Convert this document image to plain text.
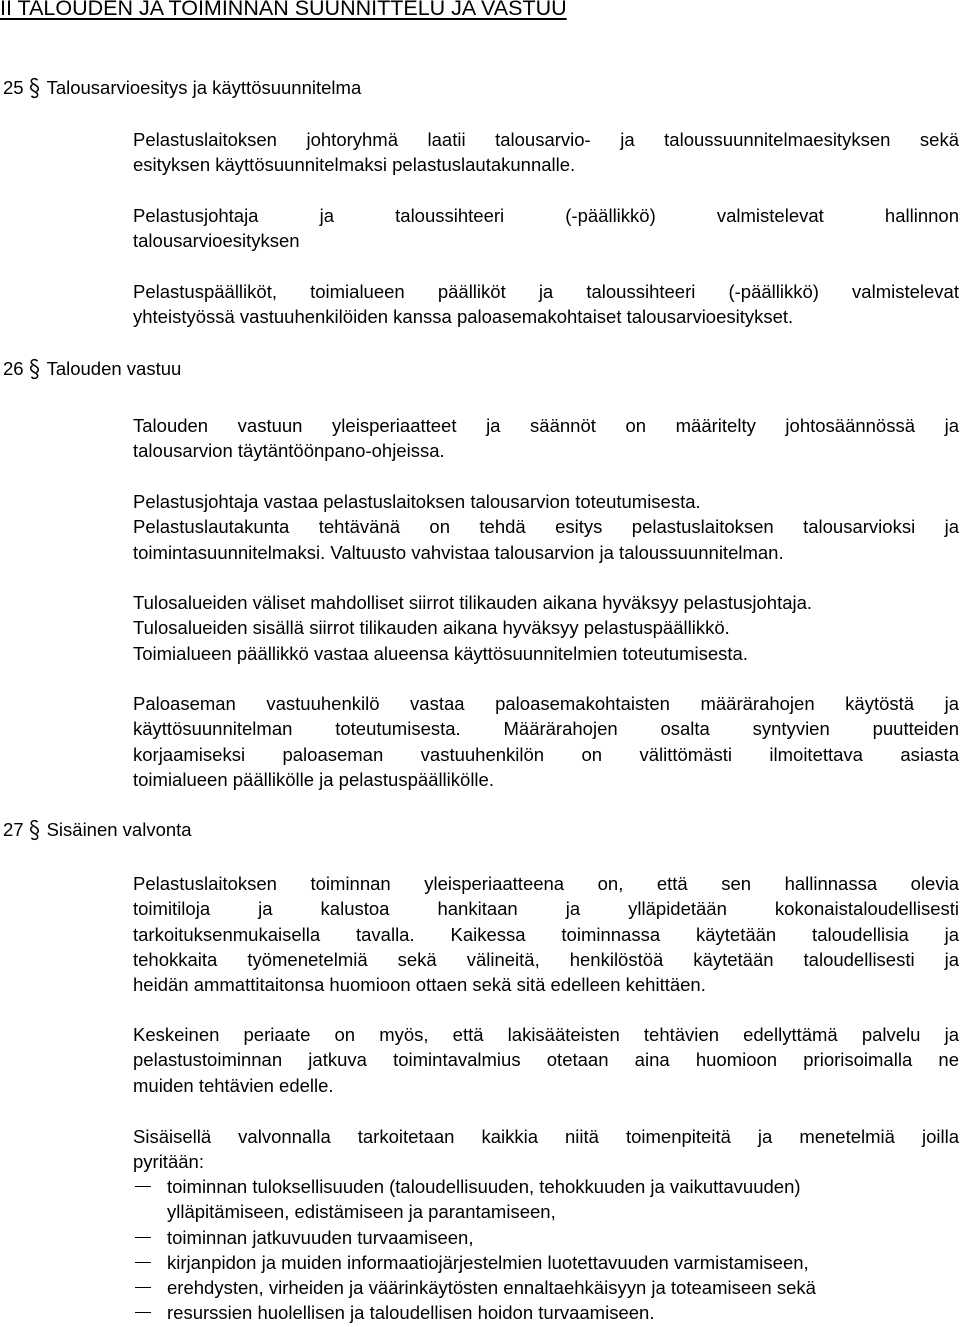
II TALOUDEN JA TOIMINNAN SUUNNITTELU JA VASTUU
25 Talousarvioesitys ja käyttösuunnitelma
26 Talouden vastuu
27 Sisäinen valvonta
Pelastuslaitoksen johtoryhmä laatii talousarvio- ja taloussuunnitelmaesityksen sekä
esityksen käyttösuunnitelmaksi pelastuslautakunnalle.
Pelastusjohtaja ja taloussihteeri (-päällikkö) valmistelevat hallinnon
talousarvioesityksen
Pelastuspäälliköt, toimialueen päälliköt ja taloussihteeri (-päällikkö) valmistelevat
yhteistyössä vastuuhenkilöiden kanssa paloasemakohtaiset talousarvioesitykset.
Talouden vastuun yleisperiaatteet ja säännöt on määritelty johtosäännössä ja
talousarvion täytäntöönpano-ohjeissa.
Pelastusjohtaja vastaa pelastuslaitoksen talousarvion toteutumisesta.
Pelastuslautakunta tehtävänä on tehdä esitys pelastuslaitoksen talousarvioksi ja
toimintasuunnitelmaksi. Valtuusto vahvistaa talousarvion ja taloussuunnitelman.
Tulosalueiden väliset mahdolliset siirrot tilikauden aikana hyväksyy pelastusjohtaja.
Tulosalueiden sisällä siirrot tilikauden aikana hyväksyy pelastuspäällikkö.
Toimialueen päällikkö vastaa alueensa käyttösuunnitelmien toteutumisesta.
Paloaseman vastuuhenkilö vastaa paloasemakohtaisten määrärahojen käytöstä ja
käyttösuunnitelman toteutumisesta. Määrärahojen osalta syntyvien puutteiden
korjaamiseksi paloaseman vastuuhenkilön on välittömästi ilmoitettava asiasta
toimialueen päällikölle ja pelastuspäällikölle.
Pelastuslaitoksen toiminnan yleisperiaatteena on, että sen hallinnassa olevia
toimitiloja ja kalustoa hankitaan ja ylläpidetään kokonaistaloudellisesti
tarkoituksenmukaisella tavalla. Kaikessa toiminnassa käytetään taloudellisia ja
tehokkaita työmenetelmiä sekä välineitä, henkilöstöä käytetään taloudellisesti ja
heidän ammattitaitonsa huomioon ottaen sekä sitä edelleen kehittäen.
Keskeinen periaate on myös, että lakisääteisten tehtävien edellyttämä palvelu ja
pelastustoiminnan jatkuva toimintavalmius otetaan aina huomioon priorisoimalla ne
muiden tehtävien edelle.
Sisäisellä valvonnalla tarkoitetaan kaikkia niitä toimenpiteitä ja menetelmiä joilla
pyritään:
toiminnan tuloksellisuuden (taloudellisuuden, tehokkuuden ja vaikuttavuuden)
ylläpitämiseen, edistämiseen ja parantamiseen,
toiminnan jatkuvuuden turvaamiseen,
kirjanpidon ja muiden informaatiojärjestelmien luotettavuuden varmistamiseen,
erehdysten, virheiden ja väärinkäytösten ennaltaehkäisyyn ja toteamiseen sekä
resurssien huolellisen ja taloudellisen hoidon turvaamiseen.
